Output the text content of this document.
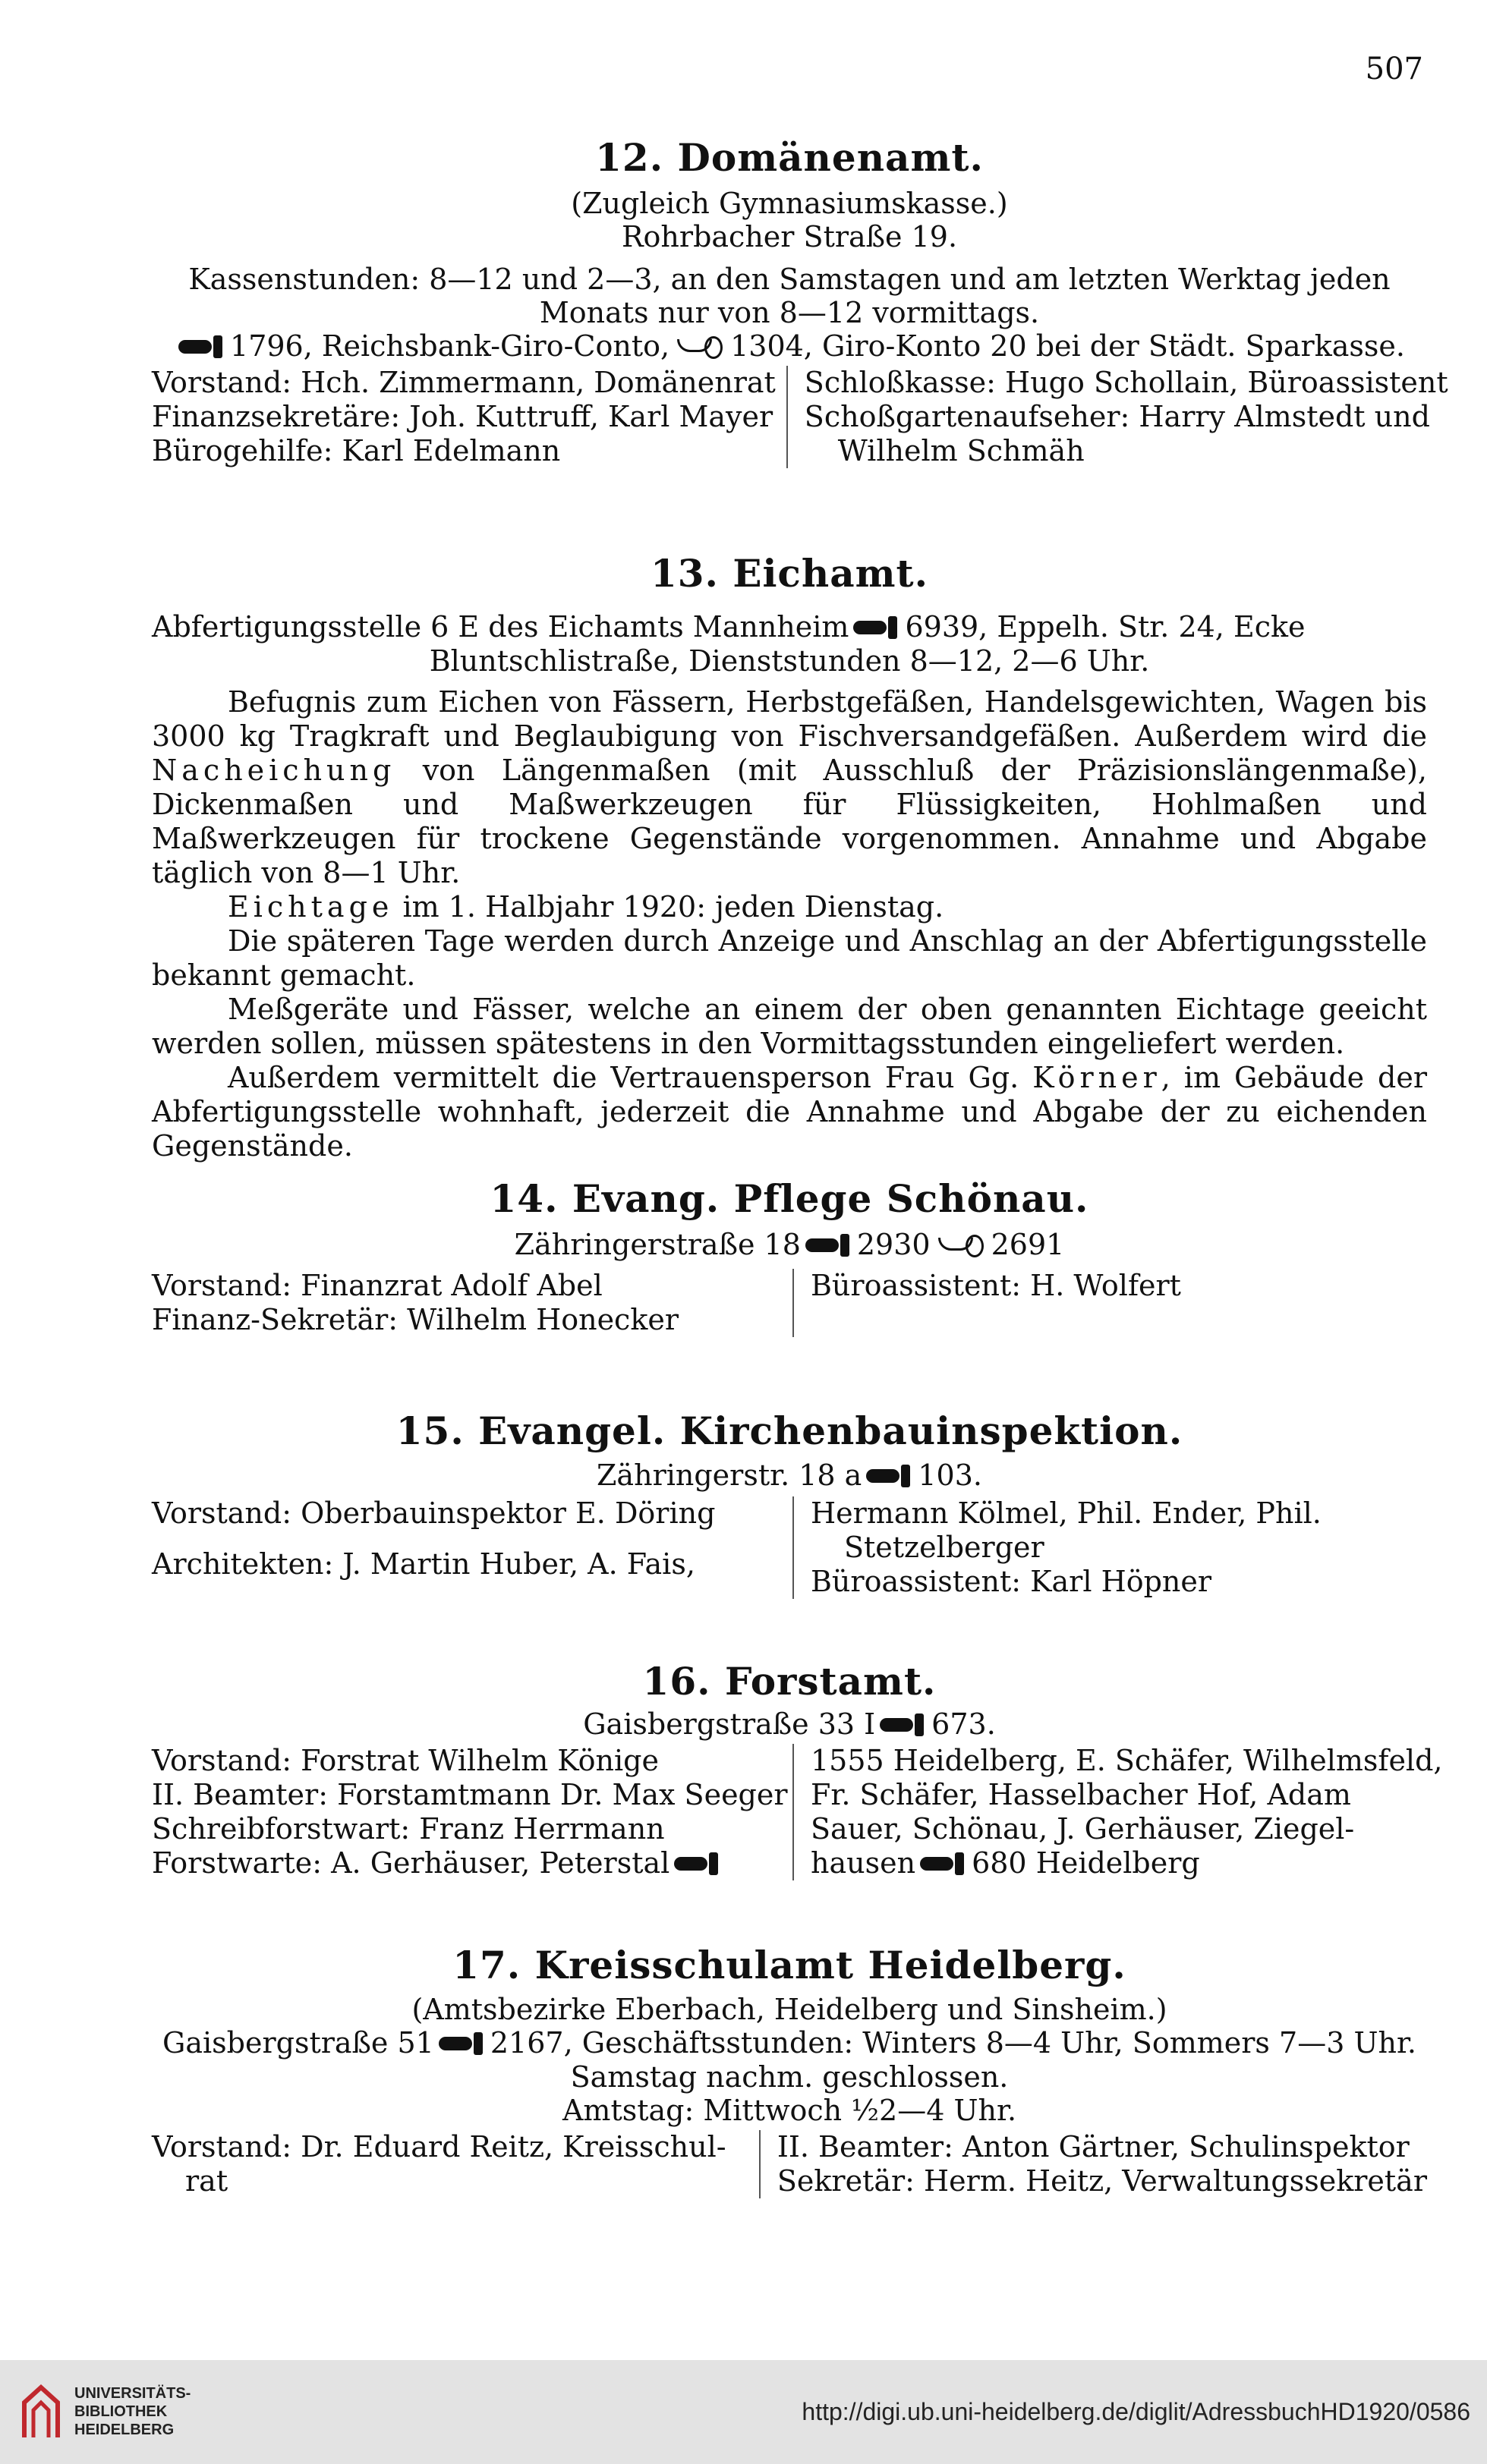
507
12. Domänenamt.
(Zugleich Gymnasiumskasse.)
Rohrbacher Straße 19.
Kassenstunden: 8—12 und 2—3, an den Samstagen und am letzten Werktag jeden
Monats nur von 8—12 vormittags.
1796, Reichsbank-Giro-Conto, 1304, Giro-Konto 20 bei der Städt. Sparkasse.
Vorstand: Hch. Zimmermann, Domänenrat
Finanzsekretäre: Joh. Kuttruff, Karl Mayer
Bürogehilfe: Karl Edelmann
Schloßkasse: Hugo Schollain, Büroassistent
Schoßgartenaufseher: Harry Almstedt und
Wilhelm Schmäh
13. Eichamt.
Abfertigungsstelle 6 E des Eichamts Mannheim 6939, Eppelh. Str. 24, Ecke
Bluntschlistraße, Dienststunden 8—12, 2—6 Uhr.
Befugnis zum Eichen von Fässern, Herbstgefäßen, Handelsgewichten, Wagen bis 3000 kg Tragkraft und Beglaubigung von Fischversandgefäßen. Außerdem wird die Nacheichung von Längenmaßen (mit Ausschluß der Präzisionslängenmaße), Dickenmaßen und Maßwerkzeugen für Flüssigkeiten, Hohlmaßen und Maßwerkzeugen für trockene Gegenstände vorgenommen. Annahme und Abgabe täglich von 8—1 Uhr.
Eichtage im 1. Halbjahr 1920: jeden Dienstag.
Die späteren Tage werden durch Anzeige und Anschlag an der Abfertigungsstelle bekannt gemacht.
Meßgeräte und Fässer, welche an einem der oben genannten Eichtage geeicht werden sollen, müssen spätestens in den Vormittagsstunden eingeliefert werden.
Außerdem vermittelt die Vertrauensperson Frau Gg. Körner, im Gebäude der Abfertigungsstelle wohnhaft, jederzeit die Annahme und Abgabe der zu eichenden Gegenstände.
14. Evang. Pflege Schönau.
Zähringerstraße 18 2930 2691
Vorstand: Finanzrat Adolf Abel
Finanz-Sekretär: Wilhelm Honecker
Büroassistent: H. Wolfert
15. Evangel. Kirchenbauinspektion.
Zähringerstr. 18 a 103.
Vorstand: Oberbauinspektor E. Döring
Architekten: J. Martin Huber, A. Fais,
Hermann Kölmel, Phil. Ender, Phil.
Stetzelberger
Büroassistent: Karl Höpner
16. Forstamt.
Gaisbergstraße 33 I 673.
Vorstand: Forstrat Wilhelm Könige
II. Beamter: Forstamtmann Dr. Max Seeger
Schreibforstwart: Franz Herrmann
Forstwarte: A. Gerhäuser, Peterstal
1555 Heidelberg, E. Schäfer, Wilhelmsfeld,
Fr. Schäfer, Hasselbacher Hof, Adam
Sauer, Schönau, J. Gerhäuser, Ziegel-
hausen 680 Heidelberg
17. Kreisschulamt Heidelberg.
(Amtsbezirke Eberbach, Heidelberg und Sinsheim.)
Gaisbergstraße 51 2167, Geschäftsstunden: Winters 8—4 Uhr, Sommers 7—3 Uhr.
Samstag nachm. geschlossen.
Amtstag: Mittwoch ½2—4 Uhr.
Vorstand: Dr. Eduard Reitz, Kreisschul-
rat
II. Beamter: Anton Gärtner, Schulinspektor
Sekretär: Herm. Heitz, Verwaltungssekretär
UNIVERSITÄTS-
BIBLIOTHEK
HEIDELBERG
http://digi.ub.uni-heidelberg.de/diglit/AdressbuchHD1920/0586
